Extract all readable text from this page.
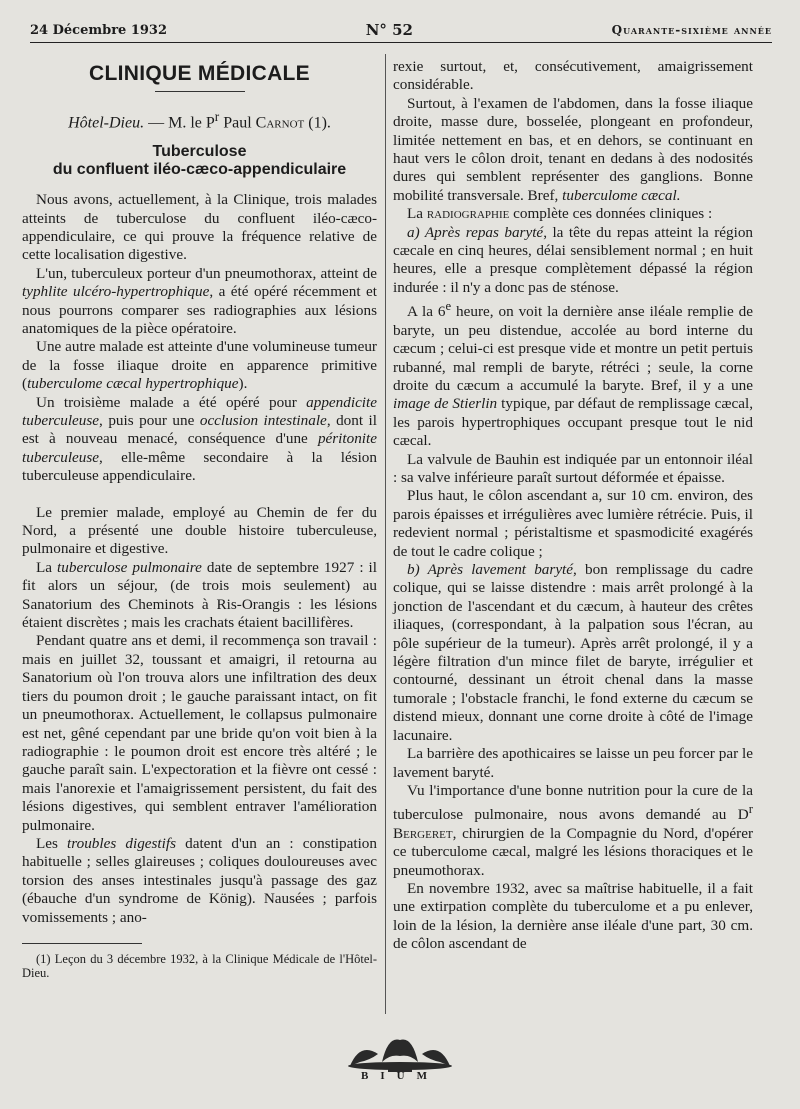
24 Décembre 1932	N° 52	Quarante-sixième année
CLINIQUE MÉDICALE
Hôtel-Dieu. — M. le $P^r$ Paul Carnot (1).
Tuberculose
du confluent iléo-cæco-appendiculaire

Nous avons, actuellement, à la Clinique, trois malades atteints de tuberculose du confluent iléo-cæco-appendiculaire, ce qui prouve la fréquence relative de cette localisation digestive.

L'un, tuberculeux porteur d'un pneumothorax, atteint de typhlite ulcéro-hypertrophique, a été opéré récemment et nous pourrons comparer ses radiographies aux lésions anatomiques de la pièce opératoire.

Une autre malade est atteinte d'une volumineuse tumeur de la fosse iliaque droite en apparence primitive (tuberculome cæcal hypertrophique).

Un troisième malade a été opéré pour appendicite tuberculeuse, puis pour une occlusion intestinale, dont il est à nouveau menacé, conséquence d'une péritonite tuberculeuse, elle-même secondaire à la lésion tuberculeuse appendiculaire.

Le premier malade, employé au Chemin de fer du Nord, a présenté une double histoire tuberculeuse, pulmonaire et digestive.

La tuberculose pulmonaire date de septembre 1927 : il fit alors un séjour, (de trois mois seulement) au Sanatorium des Cheminots à Ris-Orangis : les lésions étaient discrètes ; mais les crachats étaient bacillifères.

Pendant quatre ans et demi, il recommença son travail : mais en juillet 32, toussant et amaigri, il retourna au Sanatorium où l'on trouva alors une infiltration des deux tiers du poumon droit ; le gauche paraissant intact, on fit un pneumothorax. Actuellement, le collapsus pulmonaire est net, gêné cependant par une bride qu'on voit bien à la radiographie : le poumon droit est encore très altéré ; le gauche paraît sain. L'expectoration et la fièvre ont cessé : mais l'anorexie et l'amaigrissement persistent, du fait des lésions digestives, qui semblent entraver l'amélioration pulmonaire.

Les troubles digestifs datent d'un an : constipation habituelle ; selles glaireuses ; coliques douloureuses avec torsion des anses intestinales jusqu'à passage des gaz (ébauche d'un syndrome de König). Nausées ; parfois vomissements ; ano-

(1) Leçon du 3 décembre 1932, à la Clinique Médicale de l'Hôtel-Dieu.

rexie surtout, et, consécutivement, amaigrissement considérable.

Surtout, à l'examen de l'abdomen, dans la fosse iliaque droite, masse dure, bosselée, plongeant en profondeur, limitée nettement en bas, et en dehors, se continuant en haut vers le côlon droit, tenant en dedans à des nodosités dures qui semblent représenter des ganglions. Bonne mobilité transversale. Bref, tuberculome cæcal.

La radiographie complète ces données cliniques :

a) Après repas baryté, la tête du repas atteint la région cæcale en cinq heures, délai sensiblement normal ; en huit heures, elle a presque complètement dépassé la région indurée : il n'y a donc pas de sténose.

A la 6e heure, on voit la dernière anse iléale remplie de baryte, un peu distendue, accolée au bord interne du cæcum ; celui-ci est presque vide et montre un petit pertuis rubanné, mal rempli de baryte, rétréci ; seule, la corne droite du cæcum a accumulé la baryte. Bref, il y a une image de Stierlin typique, par défaut de remplissage cæcal, les parois hypertrophiques occupant presque tout le nid cæcal.

La valvule de Bauhin est indiquée par un entonnoir iléal : sa valve inférieure paraît surtout déformée et épaisse.

Plus haut, le côlon ascendant a, sur 10 cm. environ, des parois épaisses et irrégulières avec lumière rétrécie. Puis, il redevient normal ; péristaltisme et spasmodicité exagérés de tout le cadre colique ;

b) Après lavement baryté, bon remplissage du cadre colique, qui se laisse distendre : mais arrêt prolongé à la jonction de l'ascendant et du cæcum, à hauteur des crêtes iliaques, (correspondant, à la palpation sous l'écran, au pôle supérieur de la tumeur). Après arrêt prolongé, il y a légère filtration d'un mince filet de baryte, irrégulier et contourné, dessinant un étroit chenal dans la masse tumorale ; l'obstacle franchi, le fond externe du cæcum se distend mieux, donnant une corne droite à côté de l'image lacunaire.

La barrière des apothicaires se laisse un peu forcer par le lavement baryté.

Vu l'importance d'une bonne nutrition pour la cure de la tuberculose pulmonaire, nous avons demandé au $D^r$ Bergeret, chirurgien de la Compagnie du Nord, d'opérer ce tuberculome cæcal, malgré les lésions thoraciques et le pneumothorax.

En novembre 1932, avec sa maîtrise habituelle, il a fait une extirpation complète du tuberculome et a pu enlever, loin de la lésion, la dernière anse iléale d'une part, 30 cm. de côlon ascendant de

BIUM
